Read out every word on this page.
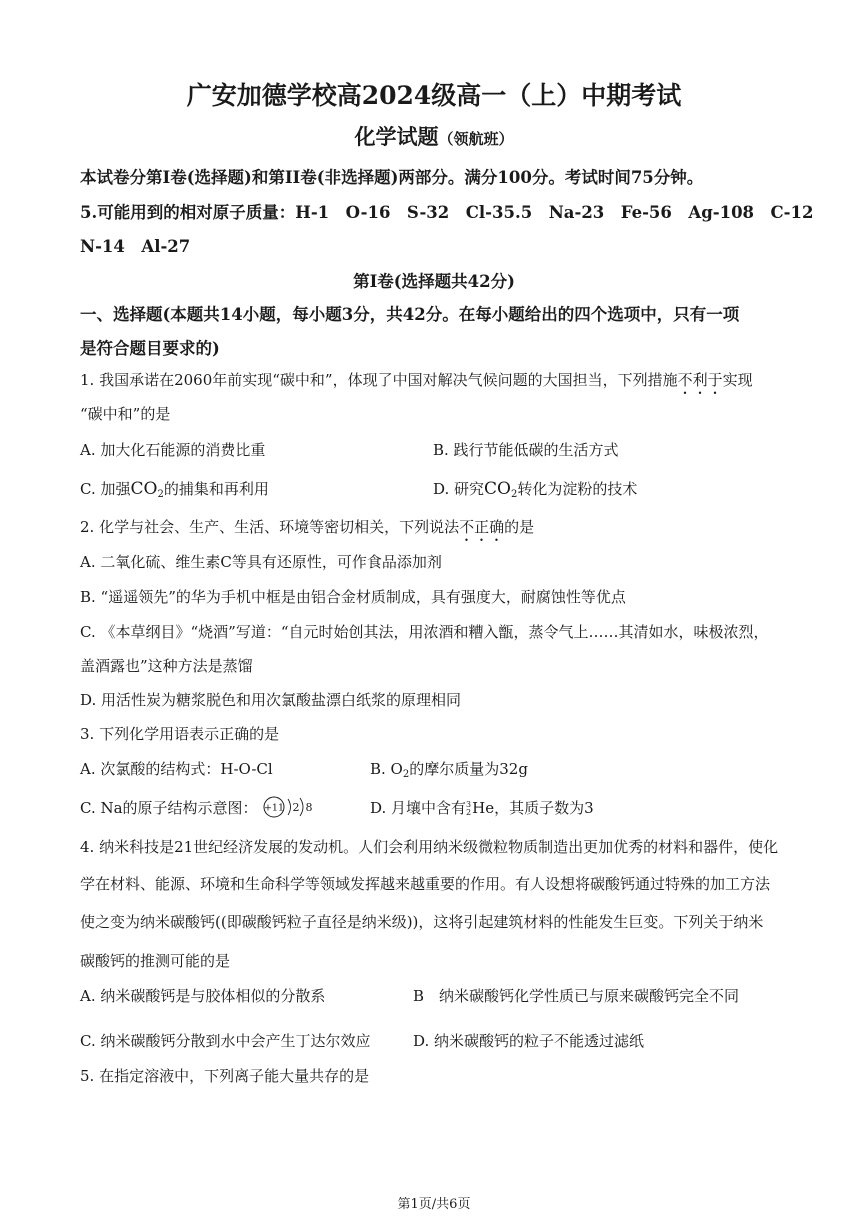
广安加德学校高2024级高一（上）中期考试
化学试题（领航班）
本试卷分第I卷(选择题)和第II卷(非选择题)两部分。满分100分。考试时间75分钟。
5.可能用到的相对原子质量：H-1　O-16　S-32　Cl-35.5　Na-23　Fe-56　Ag-108　C-12
N-14　Al-27
第I卷(选择题共42分)
一、选择题(本题共14小题，每小题3分，共42分。在每小题给出的四个选项中，只有一项
是符合题目要求的)
1. 我国承诺在2060年前实现“碳中和”，体现了中国对解决气候问题的大国担当，下列措施不利于实现
“碳中和”的是
A. 加大化石能源的消费比重	B. 践行节能低碳的生活方式
C. 加强$CO_2$的捕集和再利用	D. 研究$CO_2$转化为淀粉的技术
2. 化学与社会、生产、生活、环境等密切相关，下列说法不正确的是
A. 二氧化硫、维生素C等具有还原性，可作食品添加剂
B. “遥遥领先”的华为手机中框是由铝合金材质制成，具有强度大，耐腐蚀性等优点
C. 《本草纲目》“烧酒”写道：“自元时始创其法，用浓酒和糟入甑，蒸令气上……其清如水，味极浓烈，
盖酒露也”这种方法是蒸馏
D. 用活性炭为糖浆脱色和用次氯酸盐漂白纸浆的原理相同
3. 下列化学用语表示正确的是
A. 次氯酸的结构式：H-O-Cl	B. $O_2$的摩尔质量为32g
C. Na的原子结构示意图： +11 2 8	D. 月壤中含有3
2He，其质子数为3
4. 纳米科技是21世纪经济发展的发动机。人们会利用纳米级微粒物质制造出更加优秀的材料和器件，使化
学在材料、能源、环境和生命科学等领域发挥越来越重要的作用。有人设想将碳酸钙通过特殊的加工方法
使之变为纳米碳酸钙((即碳酸钙粒子直径是纳米级))，这将引起建筑材料的性能发生巨变。下列关于纳米
碳酸钙的推测可能的是
A. 纳米碳酸钙是与胶体相似的分散系	B　纳米碳酸钙化学性质已与原来碳酸钙完全不同
C. 纳米碳酸钙分散到水中会产生丁达尔效应	D. 纳米碳酸钙的粒子不能透过滤纸
5. 在指定溶液中，下列离子能大量共存的是
第1页/共6页
